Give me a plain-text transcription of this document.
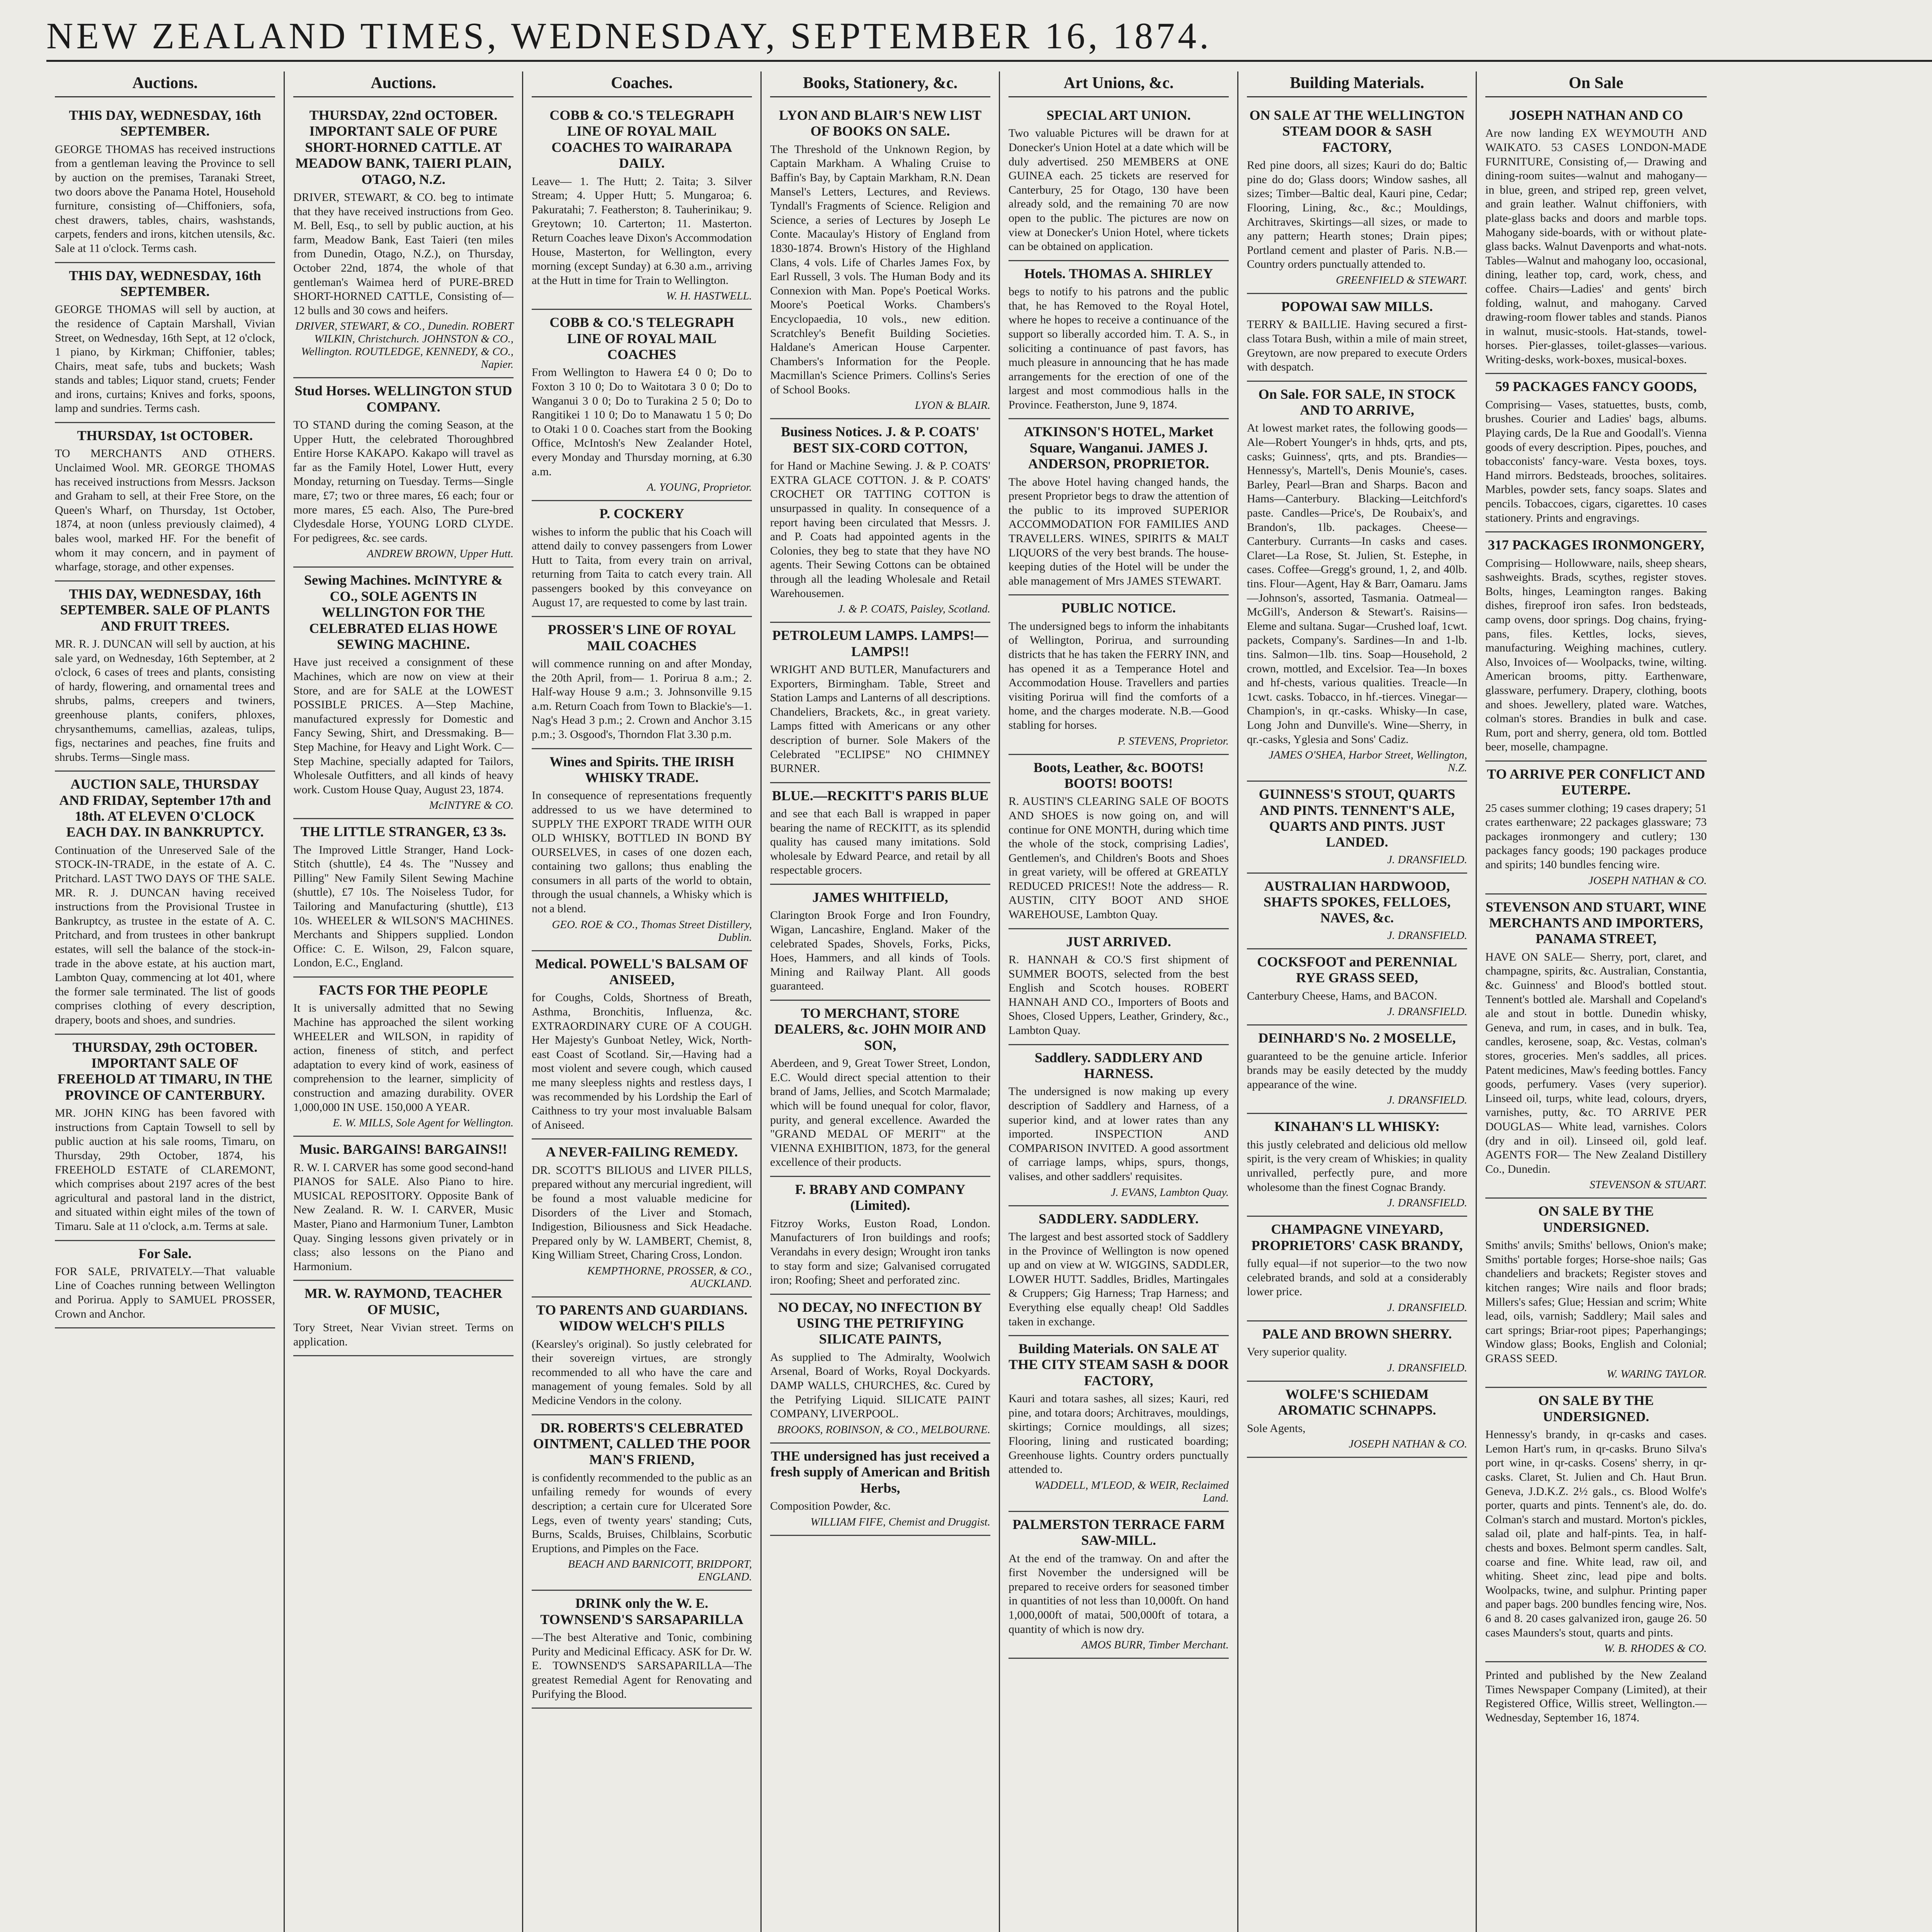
NEW ZEALAND TIMES, WEDNESDAY, SEPTEMBER 16, 1874.
Auctions.
THIS DAY, WEDNESDAY, 16th SEPTEMBER.
GEORGE THOMAS has received instructions from a gentleman leaving the Province to sell by auction on the premises, Taranaki Street, two doors above the Panama Hotel, Household furniture, consisting of—Chiffoniers, sofa, chest drawers, tables, chairs, washstands, carpets, fenders and irons, kitchen utensils, &c. Sale at 11 o'clock. Terms cash.
THIS DAY, WEDNESDAY, 16th SEPTEMBER.
GEORGE THOMAS will sell by auction, at the residence of Captain Marshall, Vivian Street, on Wednesday, 16th Sept, at 12 o'clock, 1 piano, by Kirkman; Chiffonier, tables; Chairs, meat safe, tubs and buckets; Wash stands and tables; Liquor stand, cruets; Fender and irons, curtains; Knives and forks, spoons, lamp and sundries. Terms cash.
THURSDAY, 1st OCTOBER.
TO MERCHANTS AND OTHERS. Unclaimed Wool. MR. GEORGE THOMAS has received instructions from Messrs. Jackson and Graham to sell, at their Free Store, on the Queen's Wharf, on Thursday, 1st October, 1874, at noon (unless previously claimed), 4 bales wool, marked HF. For the benefit of whom it may concern, and in payment of wharfage, storage, and other expenses.
THIS DAY, WEDNESDAY, 16th SEPTEMBER. SALE OF PLANTS AND FRUIT TREES.
MR. R. J. DUNCAN will sell by auction, at his sale yard, on Wednesday, 16th September, at 2 o'clock, 6 cases of trees and plants, consisting of hardy, flowering, and ornamental trees and shrubs, palms, creepers and twiners, greenhouse plants, conifers, phloxes, chrysanthemums, camellias, azaleas, tulips, figs, nectarines and peaches, fine fruits and shrubs. Terms—Single mass.
AUCTION SALE, THURSDAY AND FRIDAY, September 17th and 18th. AT ELEVEN O'CLOCK EACH DAY. IN BANKRUPTCY.
Continuation of the Unreserved Sale of the STOCK-IN-TRADE, in the estate of A. C. Pritchard. LAST TWO DAYS OF THE SALE. MR. R. J. DUNCAN having received instructions from the Provisional Trustee in Bankruptcy, as trustee in the estate of A. C. Pritchard, and from trustees in other bankrupt estates, will sell the balance of the stock-in-trade in the above estate, at his auction mart, Lambton Quay, commencing at lot 401, where the former sale terminated. The list of goods comprises clothing of every description, drapery, boots and shoes, and sundries.
THURSDAY, 29th OCTOBER. IMPORTANT SALE OF FREEHOLD AT TIMARU, IN THE PROVINCE OF CANTERBURY.
MR. JOHN KING has been favored with instructions from Captain Towsell to sell by public auction at his sale rooms, Timaru, on Thursday, 29th October, 1874, his FREEHOLD ESTATE of CLAREMONT, which comprises about 2197 acres of the best agricultural and pastoral land in the district, and situated within eight miles of the town of Timaru. Sale at 11 o'clock, a.m. Terms at sale.
For Sale.
FOR SALE, PRIVATELY.—That valuable Line of Coaches running between Wellington and Porirua. Apply to SAMUEL PROSSER, Crown and Anchor.
Auctions.
THURSDAY, 22nd OCTOBER. IMPORTANT SALE OF PURE SHORT-HORNED CATTLE. AT MEADOW BANK, TAIERI PLAIN, OTAGO, N.Z.
DRIVER, STEWART, & CO. beg to intimate that they have received instructions from Geo. M. Bell, Esq., to sell by public auction, at his farm, Meadow Bank, East Taieri (ten miles from Dunedin, Otago, N.Z.), on Thursday, October 22nd, 1874, the whole of that gentleman's Waimea herd of PURE-BRED SHORT-HORNED CATTLE, Consisting of—12 bulls and 30 cows and heifers.
DRIVER, STEWART, & CO., Dunedin. ROBERT WILKIN, Christchurch. JOHNSTON & CO., Wellington. ROUTLEDGE, KENNEDY, & CO., Napier.
Stud Horses. WELLINGTON STUD COMPANY.
TO STAND during the coming Season, at the Upper Hutt, the celebrated Thoroughbred Entire Horse KAKAPO. Kakapo will travel as far as the Family Hotel, Lower Hutt, every Monday, returning on Tuesday. Terms—Single mare, £7; two or three mares, £6 each; four or more mares, £5 each. Also, The Pure-bred Clydesdale Horse, YOUNG LORD CLYDE. For pedigrees, &c. see cards.
ANDREW BROWN, Upper Hutt.
Sewing Machines. McINTYRE & CO., SOLE AGENTS IN WELLINGTON FOR THE CELEBRATED ELIAS HOWE SEWING MACHINE.
Have just received a consignment of these Machines, which are now on view at their Store, and are for SALE at the LOWEST POSSIBLE PRICES. A—Step Machine, manufactured expressly for Domestic and Fancy Sewing, Shirt, and Dressmaking. B—Step Machine, for Heavy and Light Work. C—Step Machine, specially adapted for Tailors, Wholesale Outfitters, and all kinds of heavy work. Custom House Quay, August 23, 1874.
McINTYRE & CO.
THE LITTLE STRANGER, £3 3s.
The Improved Little Stranger, Hand Lock-Stitch (shuttle), £4 4s. The "Nussey and Pilling" New Family Silent Sewing Machine (shuttle), £7 10s. The Noiseless Tudor, for Tailoring and Manufacturing (shuttle), £13 10s. WHEELER & WILSON'S MACHINES. Merchants and Shippers supplied. London Office: C. E. Wilson, 29, Falcon square, London, E.C., England.
FACTS FOR THE PEOPLE
It is universally admitted that no Sewing Machine has approached the silent working WHEELER and WILSON, in rapidity of action, fineness of stitch, and perfect adaptation to every kind of work, easiness of comprehension to the learner, simplicity of construction and amazing durability. OVER 1,000,000 IN USE. 150,000 A YEAR.
E. W. MILLS, Sole Agent for Wellington.
Music. BARGAINS! BARGAINS!!
R. W. I. CARVER has some good second-hand PIANOS for SALE. Also Piano to hire. MUSICAL REPOSITORY. Opposite Bank of New Zealand. R. W. I. CARVER, Music Master, Piano and Harmonium Tuner, Lambton Quay. Singing lessons given privately or in class; also lessons on the Piano and Harmonium.
MR. W. RAYMOND, TEACHER OF MUSIC,
Tory Street, Near Vivian street. Terms on application.
Coaches.
COBB & CO.'S TELEGRAPH LINE OF ROYAL MAIL COACHES TO WAIRARAPA DAILY.
Leave— 1. The Hutt; 2. Taita; 3. Silver Stream; 4. Upper Hutt; 5. Mungaroa; 6. Pakuratahi; 7. Featherston; 8. Tauherinikau; 9. Greytown; 10. Carterton; 11. Masterton. Return Coaches leave Dixon's Accommodation House, Masterton, for Wellington, every morning (except Sunday) at 6.30 a.m., arriving at the Hutt in time for Train to Wellington.
W. H. HASTWELL.
COBB & CO.'S TELEGRAPH LINE OF ROYAL MAIL COACHES
From Wellington to Hawera £4 0 0; Do to Foxton 3 10 0; Do to Waitotara 3 0 0; Do to Wanganui 3 0 0; Do to Turakina 2 5 0; Do to Rangitikei 1 10 0; Do to Manawatu 1 5 0; Do to Otaki 1 0 0. Coaches start from the Booking Office, McIntosh's New Zealander Hotel, every Monday and Thursday morning, at 6.30 a.m.
A. YOUNG, Proprietor.
P. COCKERY
wishes to inform the public that his Coach will attend daily to convey passengers from Lower Hutt to Taita, from every train on arrival, returning from Taita to catch every train. All passengers booked by this conveyance on August 17, are requested to come by last train.
PROSSER'S LINE OF ROYAL MAIL COACHES
will commence running on and after Monday, the 20th April, from— 1. Porirua 8 a.m.; 2. Half-way House 9 a.m.; 3. Johnsonville 9.15 a.m. Return Coach from Town to Blackie's—1. Nag's Head 3 p.m.; 2. Crown and Anchor 3.15 p.m.; 3. Osgood's, Thorndon Flat 3.30 p.m.
Wines and Spirits. THE IRISH WHISKY TRADE.
In consequence of representations frequently addressed to us we have determined to SUPPLY THE EXPORT TRADE WITH OUR OLD WHISKY, BOTTLED IN BOND BY OURSELVES, in cases of one dozen each, containing two gallons; thus enabling the consumers in all parts of the world to obtain, through the usual channels, a Whisky which is not a blend.
GEO. ROE & CO., Thomas Street Distillery, Dublin.
Medical. POWELL'S BALSAM OF ANISEED,
for Coughs, Colds, Shortness of Breath, Asthma, Bronchitis, Influenza, &c. EXTRAORDINARY CURE OF A COUGH. Her Majesty's Gunboat Netley, Wick, North-east Coast of Scotland. Sir,—Having had a most violent and severe cough, which caused me many sleepless nights and restless days, I was recommended by his Lordship the Earl of Caithness to try your most invaluable Balsam of Aniseed.
A NEVER-FAILING REMEDY.
DR. SCOTT'S BILIOUS and LIVER PILLS, prepared without any mercurial ingredient, will be found a most valuable medicine for Disorders of the Liver and Stomach, Indigestion, Biliousness and Sick Headache. Prepared only by W. LAMBERT, Chemist, 8, King William Street, Charing Cross, London.
KEMPTHORNE, PROSSER, & CO., AUCKLAND.
TO PARENTS AND GUARDIANS. WIDOW WELCH'S PILLS
(Kearsley's original). So justly celebrated for their sovereign virtues, are strongly recommended to all who have the care and management of young females. Sold by all Medicine Vendors in the colony.
DR. ROBERTS'S CELEBRATED OINTMENT, CALLED THE POOR MAN'S FRIEND,
is confidently recommended to the public as an unfailing remedy for wounds of every description; a certain cure for Ulcerated Sore Legs, even of twenty years' standing; Cuts, Burns, Scalds, Bruises, Chilblains, Scorbutic Eruptions, and Pimples on the Face.
BEACH AND BARNICOTT, BRIDPORT, ENGLAND.
DRINK only the W. E. TOWNSEND'S SARSAPARILLA
—The best Alterative and Tonic, combining Purity and Medicinal Efficacy. ASK for Dr. W. E. TOWNSEND'S SARSAPARILLA—The greatest Remedial Agent for Renovating and Purifying the Blood.
Books, Stationery, &c.
LYON AND BLAIR'S NEW LIST OF BOOKS ON SALE.
The Threshold of the Unknown Region, by Captain Markham. A Whaling Cruise to Baffin's Bay, by Captain Markham, R.N. Dean Mansel's Letters, Lectures, and Reviews. Tyndall's Fragments of Science. Religion and Science, a series of Lectures by Joseph Le Conte. Macaulay's History of England from 1830-1874. Brown's History of the Highland Clans, 4 vols. Life of Charles James Fox, by Earl Russell, 3 vols. The Human Body and its Connexion with Man. Pope's Poetical Works. Moore's Poetical Works. Chambers's Encyclopaedia, 10 vols., new edition. Scratchley's Benefit Building Societies. Haldane's American House Carpenter. Chambers's Information for the People. Macmillan's Science Primers. Collins's Series of School Books.
LYON & BLAIR.
Business Notices. J. & P. COATS' BEST SIX-CORD COTTON,
for Hand or Machine Sewing. J. & P. COATS' EXTRA GLACE COTTON. J. & P. COATS' CROCHET OR TATTING COTTON is unsurpassed in quality. In consequence of a report having been circulated that Messrs. J. and P. Coats had appointed agents in the Colonies, they beg to state that they have NO agents. Their Sewing Cottons can be obtained through all the leading Wholesale and Retail Warehousemen.
J. & P. COATS, Paisley, Scotland.
PETROLEUM LAMPS. LAMPS!—LAMPS!!
WRIGHT AND BUTLER, Manufacturers and Exporters, Birmingham. Table, Street and Station Lamps and Lanterns of all descriptions. Chandeliers, Brackets, &c., in great variety. Lamps fitted with Americans or any other description of burner. Sole Makers of the Celebrated "ECLIPSE" NO CHIMNEY BURNER.
BLUE.—RECKITT'S PARIS BLUE
and see that each Ball is wrapped in paper bearing the name of RECKITT, as its splendid quality has caused many imitations. Sold wholesale by Edward Pearce, and retail by all respectable grocers.
JAMES WHITFIELD,
Clarington Brook Forge and Iron Foundry, Wigan, Lancashire, England. Maker of the celebrated Spades, Shovels, Forks, Picks, Hoes, Hammers, and all kinds of Tools. Mining and Railway Plant. All goods guaranteed.
TO MERCHANT, STORE DEALERS, &c. JOHN MOIR AND SON,
Aberdeen, and 9, Great Tower Street, London, E.C. Would direct special attention to their brand of Jams, Jellies, and Scotch Marmalade; which will be found unequal for color, flavor, purity, and general excellence. Awarded the "GRAND MEDAL OF MERIT" at the VIENNA EXHIBITION, 1873, for the general excellence of their products.
F. BRABY AND COMPANY (Limited).
Fitzroy Works, Euston Road, London. Manufacturers of Iron buildings and roofs; Verandahs in every design; Wrought iron tanks to stay form and size; Galvanised corrugated iron; Roofing; Sheet and perforated zinc.
NO DECAY, NO INFECTION BY USING THE PETRIFYING SILICATE PAINTS,
As supplied to The Admiralty, Woolwich Arsenal, Board of Works, Royal Dockyards. DAMP WALLS, CHURCHES, &c. Cured by the Petrifying Liquid. SILICATE PAINT COMPANY, LIVERPOOL.
BROOKS, ROBINSON, & CO., MELBOURNE.
THE undersigned has just received a fresh supply of American and British Herbs,
Composition Powder, &c.
WILLIAM FIFE, Chemist and Druggist.
Art Unions, &c.
SPECIAL ART UNION.
Two valuable Pictures will be drawn for at Donecker's Union Hotel at a date which will be duly advertised. 250 MEMBERS at ONE GUINEA each. 25 tickets are reserved for Canterbury, 25 for Otago, 130 have been already sold, and the remaining 70 are now open to the public. The pictures are now on view at Donecker's Union Hotel, where tickets can be obtained on application.
Hotels. THOMAS A. SHIRLEY
begs to notify to his patrons and the public that, he has Removed to the Royal Hotel, where he hopes to receive a continuance of the support so liberally accorded him. T. A. S., in soliciting a continuance of past favors, has much pleasure in announcing that he has made arrangements for the erection of one of the largest and most commodious halls in the Province. Featherston, June 9, 1874.
ATKINSON'S HOTEL, Market Square, Wanganui. JAMES J. ANDERSON, PROPRIETOR.
The above Hotel having changed hands, the present Proprietor begs to draw the attention of the public to its improved SUPERIOR ACCOMMODATION FOR FAMILIES AND TRAVELLERS. WINES, SPIRITS & MALT LIQUORS of the very best brands. The house-keeping duties of the Hotel will be under the able management of Mrs JAMES STEWART.
PUBLIC NOTICE.
The undersigned begs to inform the inhabitants of Wellington, Porirua, and surrounding districts that he has taken the FERRY INN, and has opened it as a Temperance Hotel and Accommodation House. Travellers and parties visiting Porirua will find the comforts of a home, and the charges moderate. N.B.—Good stabling for horses.
P. STEVENS, Proprietor.
Boots, Leather, &c. BOOTS! BOOTS! BOOTS!
R. AUSTIN'S CLEARING SALE OF BOOTS AND SHOES is now going on, and will continue for ONE MONTH, during which time the whole of the stock, comprising Ladies', Gentlemen's, and Children's Boots and Shoes in great variety, will be offered at GREATLY REDUCED PRICES!! Note the address— R. AUSTIN, CITY BOOT AND SHOE WAREHOUSE, Lambton Quay.
JUST ARRIVED.
R. HANNAH & CO.'S first shipment of SUMMER BOOTS, selected from the best English and Scotch houses. ROBERT HANNAH AND CO., Importers of Boots and Shoes, Closed Uppers, Leather, Grindery, &c., Lambton Quay.
Saddlery. SADDLERY AND HARNESS.
The undersigned is now making up every description of Saddlery and Harness, of a superior kind, and at lower rates than any imported. INSPECTION AND COMPARISON INVITED. A good assortment of carriage lamps, whips, spurs, thongs, valises, and other saddlers' requisites.
J. EVANS, Lambton Quay.
SADDLERY. SADDLERY.
The largest and best assorted stock of Saddlery in the Province of Wellington is now opened up and on view at W. WIGGINS, SADDLER, LOWER HUTT. Saddles, Bridles, Martingales & Cruppers; Gig Harness; Trap Harness; and Everything else equally cheap! Old Saddles taken in exchange.
Building Materials. ON SALE AT THE CITY STEAM SASH & DOOR FACTORY,
Kauri and totara sashes, all sizes; Kauri, red pine, and totara doors; Architraves, mouldings, skirtings; Cornice mouldings, all sizes; Flooring, lining and rusticated boarding; Greenhouse lights. Country orders punctually attended to.
WADDELL, M'LEOD, & WEIR, Reclaimed Land.
PALMERSTON TERRACE FARM SAW-MILL.
At the end of the tramway. On and after the first November the undersigned will be prepared to receive orders for seasoned timber in quantities of not less than 10,000ft. On hand 1,000,000ft of matai, 500,000ft of totara, a quantity of which is now dry.
AMOS BURR, Timber Merchant.
Building Materials.
ON SALE AT THE WELLINGTON STEAM DOOR & SASH FACTORY,
Red pine doors, all sizes; Kauri do do; Baltic pine do do; Glass doors; Window sashes, all sizes; Timber—Baltic deal, Kauri pine, Cedar; Flooring, Lining, &c., &c.; Mouldings, Architraves, Skirtings—all sizes, or made to any pattern; Hearth stones; Drain pipes; Portland cement and plaster of Paris. N.B.—Country orders punctually attended to.
GREENFIELD & STEWART.
POPOWAI SAW MILLS.
TERRY & BAILLIE. Having secured a first-class Totara Bush, within a mile of main street, Greytown, are now prepared to execute Orders with despatch.
On Sale. FOR SALE, IN STOCK AND TO ARRIVE,
At lowest market rates, the following goods— Ale—Robert Younger's in hhds, qrts, and pts, casks; Guinness', qrts, and pts. Brandies—Hennessy's, Martell's, Denis Mounie's, cases. Barley, Pearl—Bran and Sharps. Bacon and Hams—Canterbury. Blacking—Leitchford's paste. Candles—Price's, De Roubaix's, and Brandon's, 1lb. packages. Cheese—Canterbury. Currants—In casks and cases. Claret—La Rose, St. Julien, St. Estephe, in cases. Coffee—Gregg's ground, 1, 2, and 40lb. tins. Flour—Agent, Hay & Barr, Oamaru. Jams—Johnson's, assorted, Tasmania. Oatmeal—McGill's, Anderson & Stewart's. Raisins—Eleme and sultana. Sugar—Crushed loaf, 1cwt. packets, Company's. Sardines—In and 1-lb. tins. Salmon—1lb. tins. Soap—Household, 2 crown, mottled, and Excelsior. Tea—In boxes and hf-chests, various qualities. Treacle—In 1cwt. casks. Tobacco, in hf.-tierces. Vinegar—Champion's, in qr.-casks. Whisky—In case, Long John and Dunville's. Wine—Sherry, in qr.-casks, Yglesia and Sons' Cadiz.
JAMES O'SHEA, Harbor Street, Wellington, N.Z.
GUINNESS'S STOUT, QUARTS AND PINTS. TENNENT'S ALE, QUARTS AND PINTS. JUST LANDED.
J. DRANSFIELD.
AUSTRALIAN HARDWOOD, SHAFTS SPOKES, FELLOES, NAVES, &c.
J. DRANSFIELD.
COCKSFOOT and PERENNIAL RYE GRASS SEED,
Canterbury Cheese, Hams, and BACON.
J. DRANSFIELD.
DEINHARD'S No. 2 MOSELLE,
guaranteed to be the genuine article. Inferior brands may be easily detected by the muddy appearance of the wine.
J. DRANSFIELD.
KINAHAN'S LL WHISKY:
this justly celebrated and delicious old mellow spirit, is the very cream of Whiskies; in quality unrivalled, perfectly pure, and more wholesome than the finest Cognac Brandy.
J. DRANSFIELD.
CHAMPAGNE VINEYARD, PROPRIETORS' CASK BRANDY,
fully equal—if not superior—to the two now celebrated brands, and sold at a considerably lower price.
J. DRANSFIELD.
PALE AND BROWN SHERRY.
Very superior quality.
J. DRANSFIELD.
WOLFE'S SCHIEDAM AROMATIC SCHNAPPS.
Sole Agents,
JOSEPH NATHAN & CO.
On Sale
JOSEPH NATHAN AND CO
Are now landing EX WEYMOUTH AND WAIKATO. 53 CASES LONDON-MADE FURNITURE, Consisting of,— Drawing and dining-room suites—walnut and mahogany—in blue, green, and striped rep, green velvet, and grain leather. Walnut chiffoniers, with plate-glass backs and doors and marble tops. Mahogany side-boards, with or without plate-glass backs. Walnut Davenports and what-nots. Tables—Walnut and mahogany loo, occasional, dining, leather top, card, work, chess, and coffee. Chairs—Ladies' and gents' birch folding, walnut, and mahogany. Carved drawing-room flower tables and stands. Pianos in walnut, music-stools. Hat-stands, towel-horses. Pier-glasses, toilet-glasses—various. Writing-desks, work-boxes, musical-boxes.
59 PACKAGES FANCY GOODS,
Comprising— Vases, statuettes, busts, comb, brushes. Courier and Ladies' bags, albums. Playing cards, De la Rue and Goodall's. Vienna goods of every description. Pipes, pouches, and tobacconists' fancy-ware. Vesta boxes, toys. Hand mirrors. Bedsteads, brooches, solitaires. Marbles, powder sets, fancy soaps. Slates and pencils. Tobaccoes, cigars, cigarettes. 10 cases stationery. Prints and engravings.
317 PACKAGES IRONMONGERY,
Comprising— Hollowware, nails, sheep shears, sashweights. Brads, scythes, register stoves. Bolts, hinges, Leamington ranges. Baking dishes, fireproof iron safes. Iron bedsteads, camp ovens, door springs. Dog chains, frying-pans, files. Kettles, locks, sieves, manufacturing. Weighing machines, cutlery. Also, Invoices of— Woolpacks, twine, wilting. American brooms, pitty. Earthenware, glassware, perfumery. Drapery, clothing, boots and shoes. Jewellery, plated ware. Watches, colman's stores. Brandies in bulk and case. Rum, port and sherry, genera, old tom. Bottled beer, moselle, champagne.
TO ARRIVE PER CONFLICT AND EUTERPE.
25 cases summer clothing; 19 cases drapery; 51 crates earthenware; 22 packages glassware; 73 packages ironmongery and cutlery; 130 packages fancy goods; 190 packages produce and spirits; 140 bundles fencing wire.
JOSEPH NATHAN & CO.
STEVENSON AND STUART, WINE MERCHANTS AND IMPORTERS, PANAMA STREET,
HAVE ON SALE— Sherry, port, claret, and champagne, spirits, &c. Australian, Constantia, &c. Guinness' and Blood's bottled stout. Tennent's bottled ale. Marshall and Copeland's ale and stout in bottle. Dunedin whisky, Geneva, and rum, in cases, and in bulk. Tea, candles, kerosene, soap, &c. Vestas, colman's stores, groceries. Men's saddles, all prices. Patent medicines, Maw's feeding bottles. Fancy goods, perfumery. Vases (very superior). Linseed oil, turps, white lead, colours, dryers, varnishes, putty, &c. TO ARRIVE PER DOUGLAS— White lead, varnishes. Colors (dry and in oil). Linseed oil, gold leaf. AGENTS FOR— The New Zealand Distillery Co., Dunedin.
STEVENSON & STUART.
ON SALE BY THE UNDERSIGNED.
Smiths' anvils; Smiths' bellows, Onion's make; Smiths' portable forges; Horse-shoe nails; Gas chandeliers and brackets; Register stoves and kitchen ranges; Wire nails and floor brads; Millers's safes; Glue; Hessian and scrim; White lead, oils, varnish; Saddlery; Mail sales and cart springs; Briar-root pipes; Paperhangings; Window glass; Books, English and Colonial; GRASS SEED.
W. WARING TAYLOR.
ON SALE BY THE UNDERSIGNED.
Hennessy's brandy, in qr-casks and cases. Lemon Hart's rum, in qr-casks. Bruno Silva's port wine, in qr-casks. Cosens' sherry, in qr-casks. Claret, St. Julien and Ch. Haut Brun. Geneva, J.D.K.Z. 2½ gals., cs. Blood Wolfe's porter, quarts and pints. Tennent's ale, do. do. Colman's starch and mustard. Morton's pickles, salad oil, plate and half-pints. Tea, in half-chests and boxes. Belmont sperm candles. Salt, coarse and fine. White lead, raw oil, and whiting. Sheet zinc, lead pipe and bolts. Woolpacks, twine, and sulphur. Printing paper and paper bags. 200 bundles fencing wire, Nos. 6 and 8. 20 cases galvanized iron, gauge 26. 50 cases Maunders's stout, quarts and pints.
W. B. RHODES & CO.
Printed and published by the New Zealand Times Newspaper Company (Limited), at their Registered Office, Willis street, Wellington.—Wednesday, September 16, 1874.
